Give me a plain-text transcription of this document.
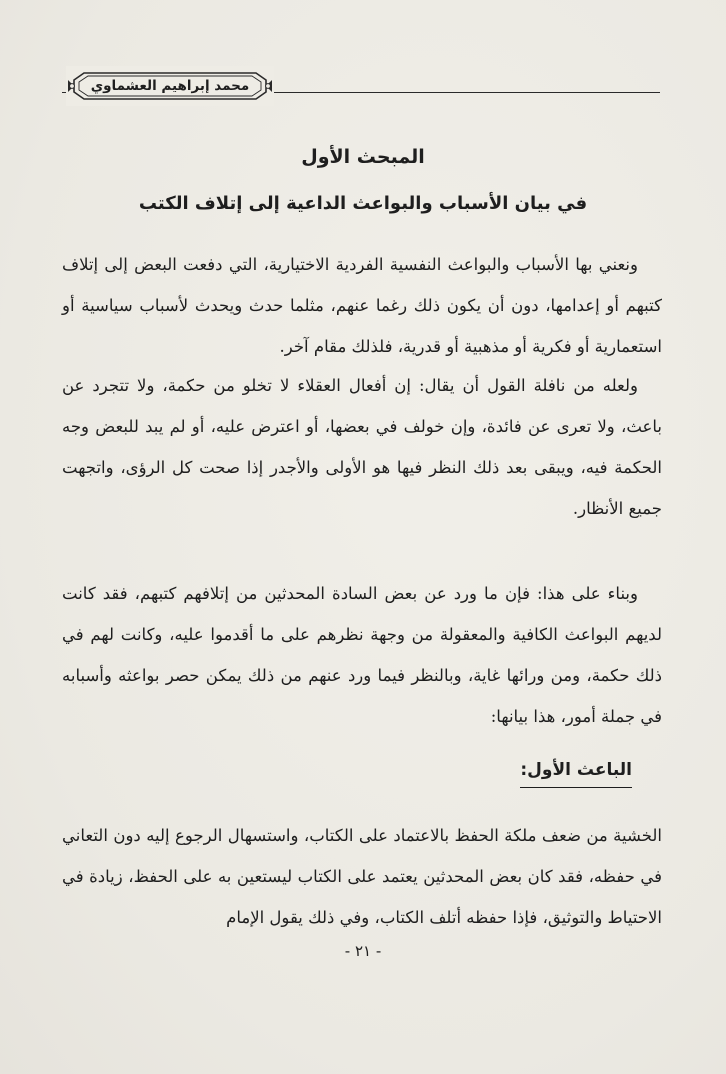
محمد إبراهيم العشماوي
المبحث الأول
في بيان الأسباب والبواعث الداعية إلى إتلاف الكتب
ونعني بها الأسباب والبواعث النفسية الفردية الاختيارية، التي دفعت البعض إلى إتلاف كتبهم أو إعدامها، دون أن يكون ذلك رغما عنهم، مثلما حدث ويحدث لأسباب سياسية أو استعمارية أو فكرية أو مذهبية أو قدرية، فلذلك مقام آخر.
ولعله من نافلة القول أن يقال: إن أفعال العقلاء لا تخلو من حكمة، ولا تتجرد عن باعث، ولا تعرى عن فائدة، وإن خولف في بعضها، أو اعترض عليه، أو لم يبد للبعض وجه الحكمة فيه، ويبقى بعد ذلك النظر فيها هو الأولى والأجدر إذا صحت كل الرؤى، واتجهت جميع الأنظار.
وبناء على هذا: فإن ما ورد عن بعض السادة المحدثين من إتلافهم كتبهم، فقد كانت لديهم البواعث الكافية والمعقولة من وجهة نظرهم على ما أقدموا عليه، وكانت لهم في ذلك حكمة، ومن ورائها غاية، وبالنظر فيما ورد عنهم من ذلك يمكن حصر بواعثه وأسبابه في جملة أمور، هذا بيانها:
الباعث الأول:
الخشية من ضعف ملكة الحفظ بالاعتماد على الكتاب، واستسهال الرجوع إليه دون التعاني في حفظه، فقد كان بعض المحدثين يعتمد على الكتاب ليستعين به على الحفظ، زيادة في الاحتياط والتوثيق، فإذا حفظه أتلف الكتاب، وفي ذلك يقول الإمام
- ٢١ -
